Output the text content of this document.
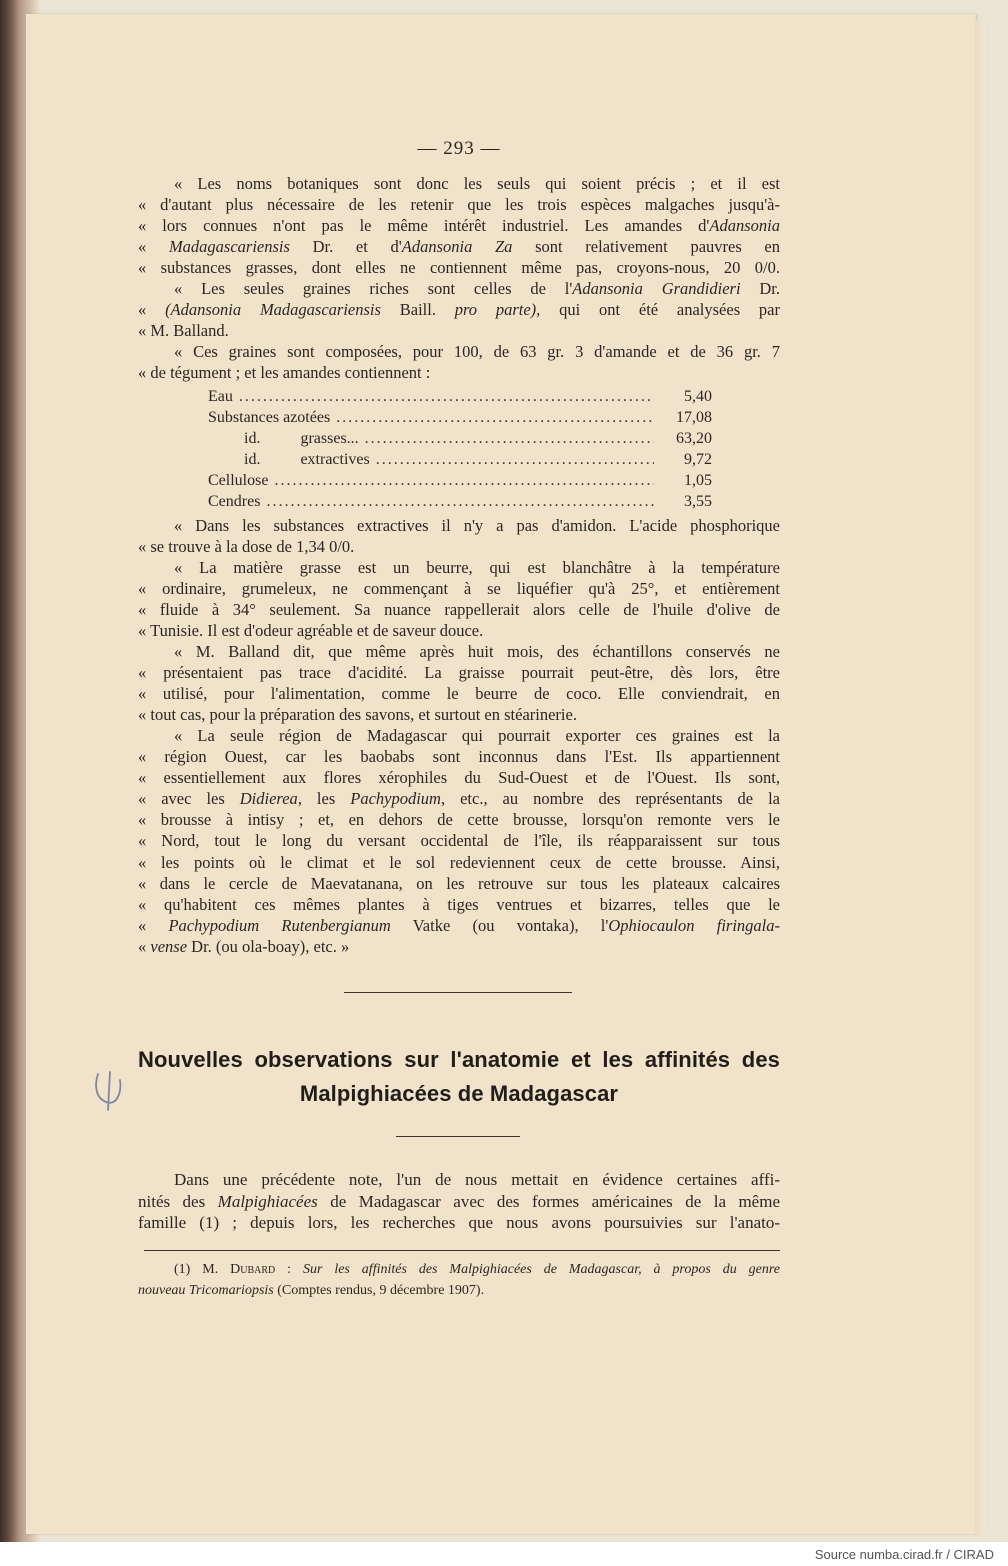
— 293 —
« Les noms botaniques sont donc les seuls qui soient précis ; et il est
« d'autant plus nécessaire de les retenir que les trois espèces malgaches jusqu'à-
« lors connues n'ont pas le même intérêt industriel. Les amandes d'Adansonia
« Madagascariensis Dr. et d'Adansonia Za sont relativement pauvres en
« substances grasses, dont elles ne contiennent même pas, croyons-nous, 20 0/0.
« Les seules graines riches sont celles de l'Adansonia Grandidieri Dr.
« (Adansonia Madagascariensis Baill. pro parte), qui ont été analysées par
« M. Balland.
« Ces graines sont composées, pour 100, de 63 gr. 3 d'amande et de 36 gr. 7
« de tégument ; et les amandes contiennent :
Eau .....	5,40
Substances azotées .....	17,08
id.	grasses... .....	63,20
id.	extractives .....	9,72
Cellulose .....	1,05
Cendres .....	3,55
« Dans les substances extractives il n'y a pas d'amidon. L'acide phosphorique
« se trouve à la dose de 1,34 0/0.
« La matière grasse est un beurre, qui est blanchâtre à la température
« ordinaire, grumeleux, ne commençant à se liquéfier qu'à 25°, et entièrement
« fluide à 34° seulement. Sa nuance rappellerait alors celle de l'huile d'olive de
« Tunisie. Il est d'odeur agréable et de saveur douce.
« M. Balland dit, que même après huit mois, des échantillons conservés ne
« présentaient pas trace d'acidité. La graisse pourrait peut-être, dès lors, être
« utilisé, pour l'alimentation, comme le beurre de coco. Elle conviendrait, en
« tout cas, pour la préparation des savons, et surtout en stéarinerie.
« La seule région de Madagascar qui pourrait exporter ces graines est la
« région Ouest, car les baobabs sont inconnus dans l'Est. Ils appartiennent
« essentiellement aux flores xérophiles du Sud-Ouest et de l'Ouest. Ils sont,
« avec les Didierea, les Pachypodium, etc., au nombre des représentants de la
« brousse à intisy ; et, en dehors de cette brousse, lorsqu'on remonte vers le
« Nord, tout le long du versant occidental de l'île, ils réapparaissent sur tous
« les points où le climat et le sol redeviennent ceux de cette brousse. Ainsi,
« dans le cercle de Maevatanana, on les retrouve sur tous les plateaux calcaires
« qu'habitent ces mêmes plantes à tiges ventrues et bizarres, telles que le
« Pachypodium Rutenbergianum Vatke (ou vontaka), l'Ophiocaulon firingala-
« vense Dr. (ou ola-boay), etc. »
Nouvelles observations sur l'anatomie et les affinités des
Malpighiacées de Madagascar
Dans une précédente note, l'un de nous mettait en évidence certaines affi-
nités des Malpighiacées de Madagascar avec des formes américaines de la même
famille (1) ; depuis lors, les recherches que nous avons poursuivies sur l'anato-
(1) M. Dubard : Sur les affinités des Malpighiacées de Madagascar, à propos du genre
nouveau Tricomariopsis (Comptes rendus, 9 décembre 1907).
Source numba.cirad.fr / CIRAD
